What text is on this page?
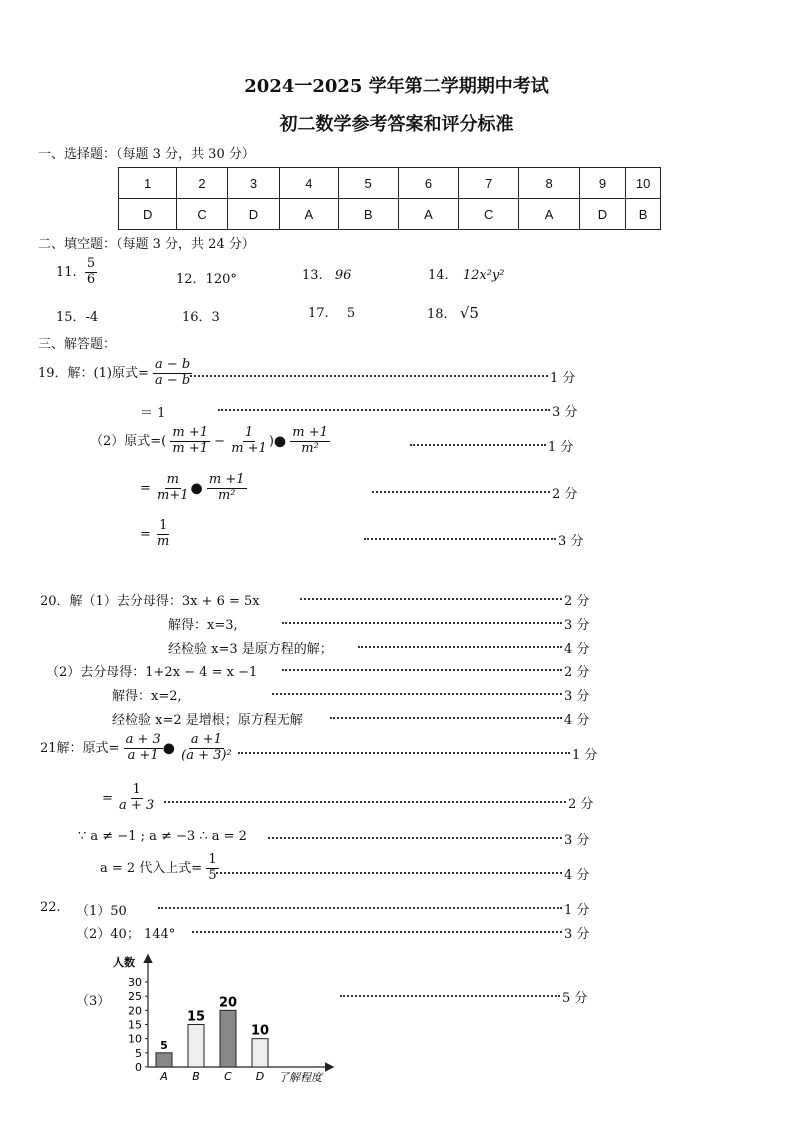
2024一2025 学年第二学期期中考试
初二数学参考答案和评分标准
一、选择题：（每题 3 分，共 30 分）
1	2	3	4	5	6	7	8	9	10
D	C	D	A	B	A	C	A	D	B
二、填空题：（每题 3 分，共 24 分）
11. $\frac{5}{6}$	12．120°	13. 96	14. 12x²y²
15．-4	16．3	17. 5	18. √5
三、解答题：
19．解：(1)原式= $\frac{a - b}{a - b}$	1 分
＝ 1	3 分
（2）原式=( $\frac{m +1}{m +1} - \frac{1}{m +1}$ )● $\frac{m +1}{\text{m²}}$	1 分
= $\frac{m}{m+1}$ ● $\frac{m +1}{\text{m²}}$	2 分
= $\frac{1}{m}$	3 分
20．解（1）去分母得：3x + 6 = 5x	2 分
解得：x=3,	3 分
经检验 x=3 是原方程的解；	4 分
（2）去分母得：1+2x − 4 = x −1	2 分
解得：x=2,	3 分
经检验 x=2 是增根；原方程无解	4 分
21解：原式= $\frac{a + 3}{a +1}$ ● $\frac{a +1}{\text{(a + 3)²}}$	1 分
= $\frac{1}{a + 3}$	2 分
∵ a ≠ −1 ; a ≠ −3 ∴ a = 2	3 分
a = 2 代入上式= $\frac{1}{5}$	4 分
22. （1）50	1 分
（2）40； 144°	3 分
（3）	5 分
人数
了解程度
0
5
10
15
20
25
30
5
A
15
B
20
C
10
D
